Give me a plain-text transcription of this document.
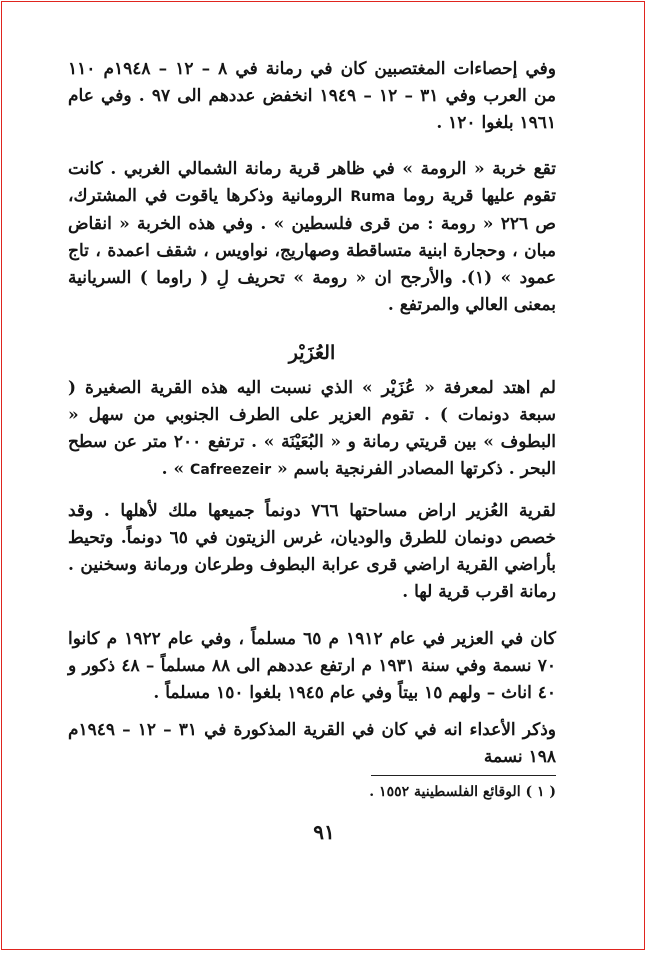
وفي إحصاءات المغتصبين كان في رمانة في ٨ – ١٢ – ١٩٤٨م ١١٠ من العرب وفي ٣١ – ١٢ – ١٩٤٩ انخفض عددهم الى ٩٧ . وفي عام ١٩٦١ بلغوا ١٢٠ .

تقع خربة « الرومة » في ظاهر قرية رمانة الشمالي الغربي . كانت تقوم عليها قرية روما Ruma الرومانية وذكرها ياقوت في المشترك، ص ٢٢٦ « رومة : من قرى فلسطين » . وفي هذه الخربة « انقاض مبان ، وحجارة ابنية متساقطة وصهاريج، نواويس ، شقف اعمدة ، تاج عمود » (١). والأرجح ان « رومة » تحريف لِ ( راوما ) السريانية بمعنى العالي والمرتفع .

العُزَيْر

لم اهتد لمعرفة « عُزَيْر » الذي نسبت اليه هذه القرية الصغيرة ( سبعة دونمات ) . تقوم العزير على الطرف الجنوبي من سهل « البطوف » بين قريتي رمانة و « البُعَيْنَة » . ترتفع ٢٠٠ متر عن سطح البحر . ذكرتها المصادر الفرنجية باسم « Cafreezeir » .

لقرية العُزير اراض مساحتها ٧٦٦ دونماً جميعها ملك لأهلها . وقد خصص دونمان للطرق والوديان، غرس الزيتون في ٦٥ دونماً. وتحيط بأراضي القرية اراضي قرى عرابة البطوف وطرعان ورمانة وسخنين . رمانة اقرب قرية لها .

كان في العزير في عام ١٩١٢ م ٦٥ مسلماً ، وفي عام ١٩٢٢ م كانوا ٧٠ نسمة وفي سنة ١٩٣١ م ارتفع عددهم الى ٨٨ مسلماً – ٤٨ ذكور و ٤٠ اناث – ولهم ١٥ بيتاً وفي عام ١٩٤٥ بلغوا ١٥٠ مسلماً .

وذكر الأعداء انه في كان في القرية المذكورة في ٣١ – ١٢ – ١٩٤٩م ١٩٨ نسمة

( ١ ) الوقائع الفلسطينية ١٥٥٢ .
٩١
